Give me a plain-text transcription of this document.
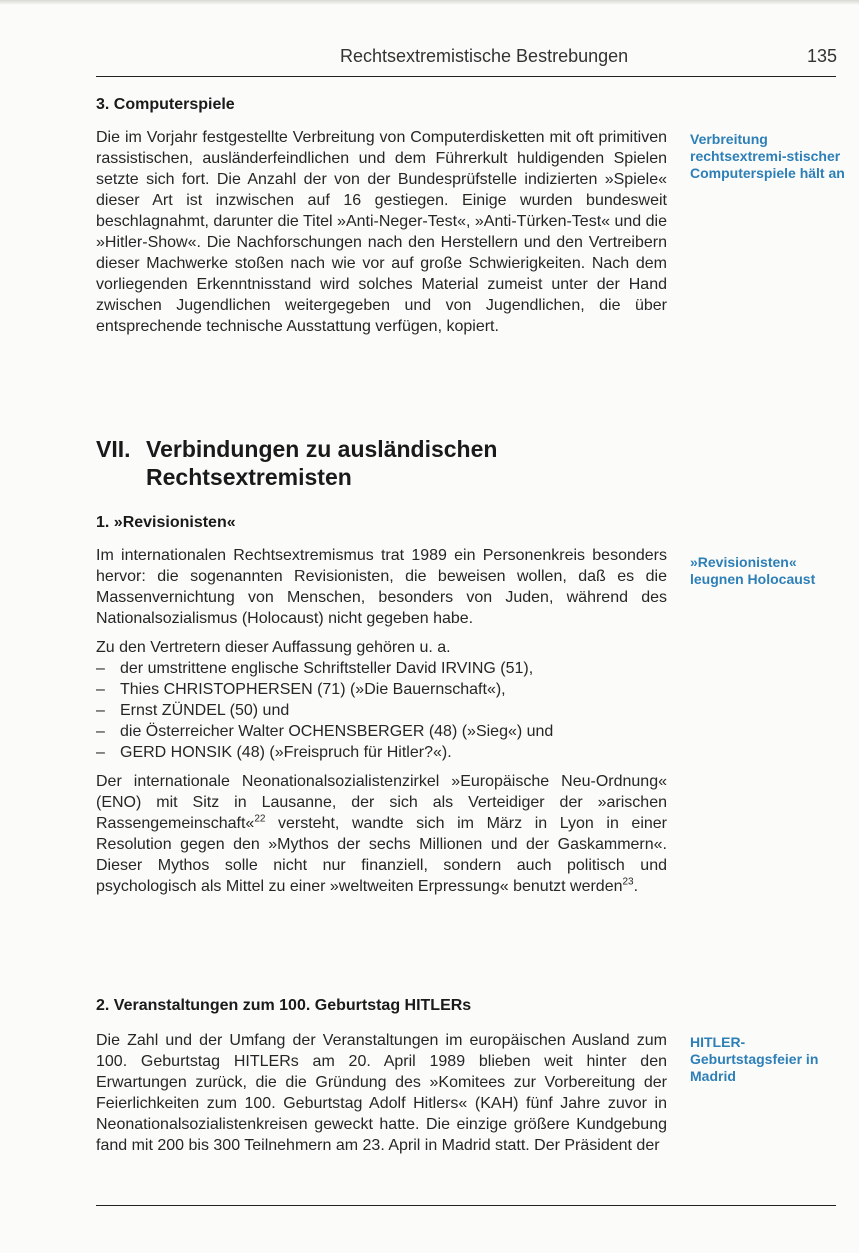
Rechtsextremistische Bestrebungen	135
3. Computerspiele

Die im Vorjahr festgestellte Verbreitung von Computerdisketten mit oft primitiven rassistischen, ausländerfeindlichen und dem Führerkult huldigenden Spielen setzte sich fort. Die Anzahl der von der Bundesprüfstelle indizierten »Spiele« dieser Art ist inzwischen auf 16 gestiegen. Einige wurden bundesweit beschlagnahmt, darunter die Titel »Anti-Neger-Test«, »Anti-Türken-Test« und die »Hitler-Show«. Die Nachforschungen nach den Herstellern und den Vertreibern dieser Machwerke stoßen nach wie vor auf große Schwierigkeiten. Nach dem vorliegenden Erkenntnisstand wird solches Material zumeist unter der Hand zwischen Jugendlichen weitergegeben und von Jugendlichen, die über entsprechende technische Ausstattung verfügen, kopiert.

Verbreitung rechtsextremi-stischer Computerspiele hält an
VII. Verbindungen zu ausländischen
Rechtsextremisten
1. »Revisionisten«

Im internationalen Rechtsextremismus trat 1989 ein Personenkreis besonders hervor: die sogenannten Revisionisten, die beweisen wollen, daß es die Massenvernichtung von Menschen, besonders von Juden, während des Nationalsozialismus (Holocaust) nicht gegeben habe.

Zu den Vertretern dieser Auffassung gehören u. a.

– der umstrittene englische Schriftsteller David IRVING (51),
– Thies CHRISTOPHERSEN (71) (»Die Bauernschaft«),
– Ernst ZÜNDEL (50) und
– die Österreicher Walter OCHENSBERGER (48) (»Sieg«) und
– GERD HONSIK (48) (»Freispruch für Hitler?«).

Der internationale Neonationalsozialistenzirkel »Europäische Neu-Ordnung« (ENO) mit Sitz in Lausanne, der sich als Verteidiger der »arischen Rassengemeinschaft«$^{22}$ versteht, wandte sich im März in Lyon in einer Resolution gegen den »Mythos der sechs Millionen und der Gaskammern«. Dieser Mythos solle nicht nur finanziell, sondern auch politisch und psychologisch als Mittel zu einer »weltweiten Erpressung« benutzt werden$^{23}$.

»Revisionisten« leugnen Holocaust
2. Veranstaltungen zum 100. Geburtstag HITLERs

Die Zahl und der Umfang der Veranstaltungen im europäischen Ausland zum 100. Geburtstag HITLERs am 20. April 1989 blieben weit hinter den Erwartungen zurück, die die Gründung des »Komitees zur Vorbereitung der Feierlichkeiten zum 100. Geburtstag Adolf Hitlers« (KAH) fünf Jahre zuvor in Neonationalsozialistenkreisen geweckt hatte. Die einzige größere Kundgebung fand mit 200 bis 300 Teilnehmern am 23. April in Madrid statt. Der Präsident der

HITLER-Geburtstagsfeier in Madrid
